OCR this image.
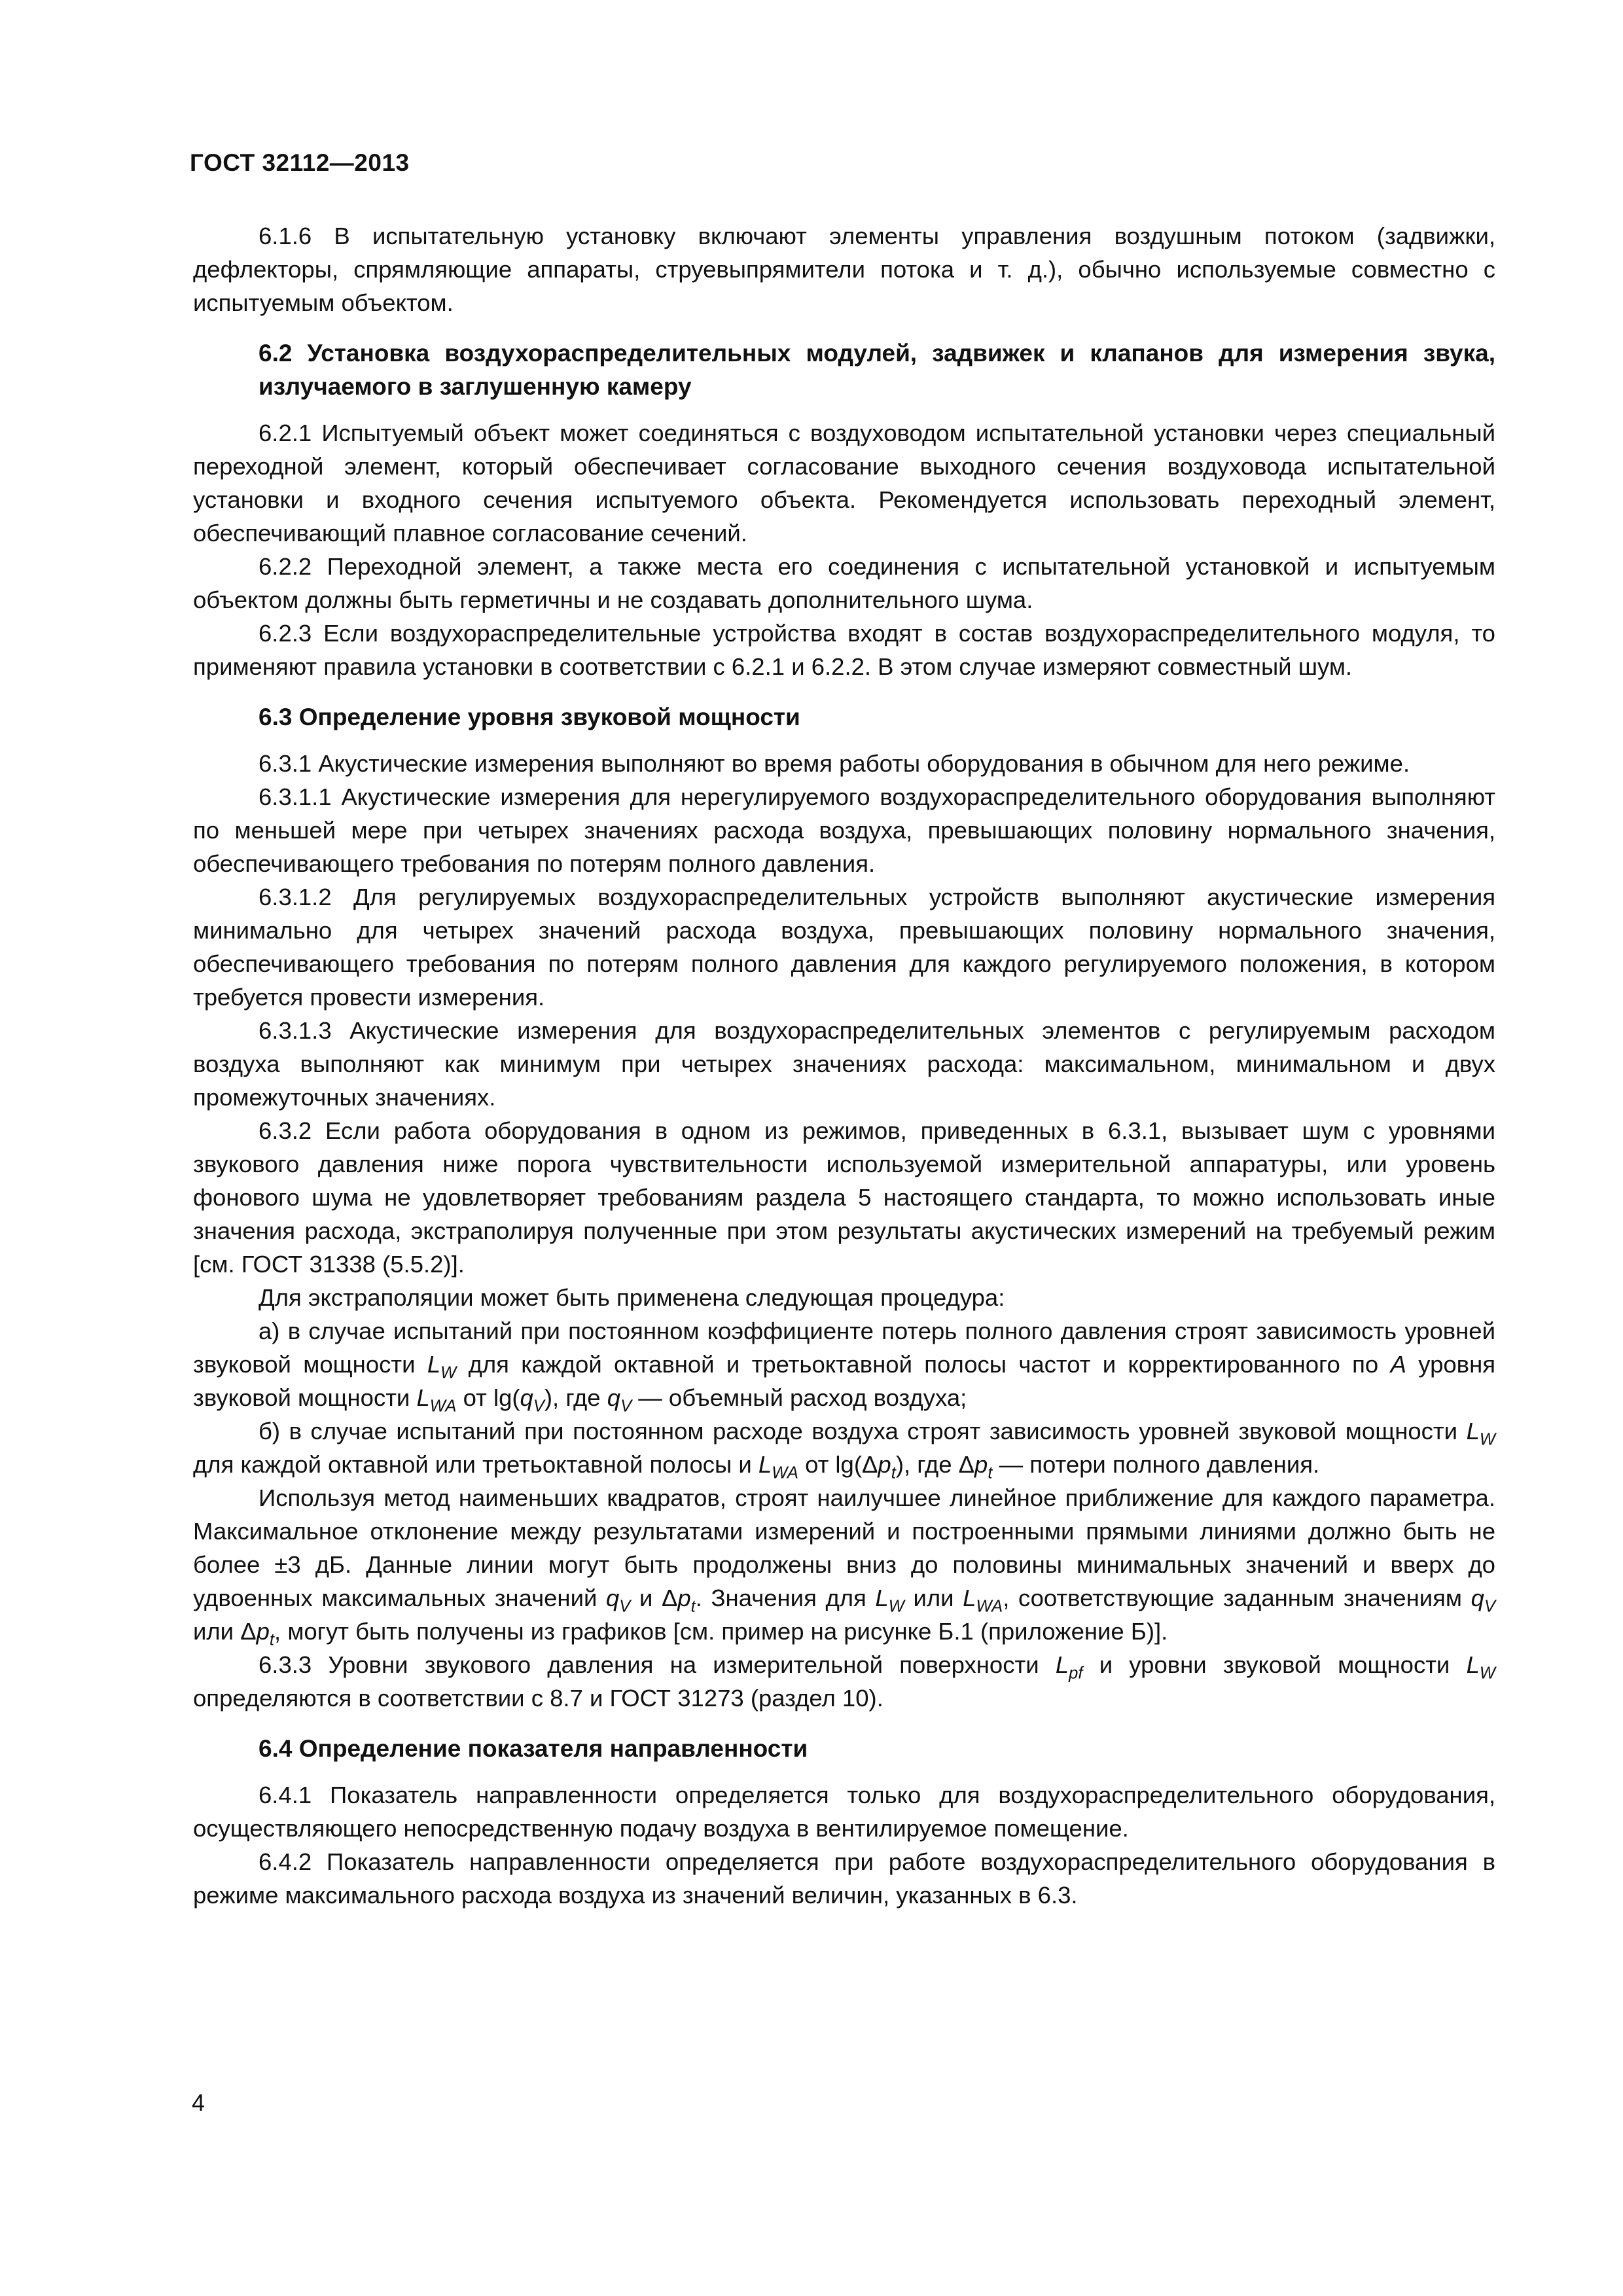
ГОСТ 32112—2013

6.1.6 В испытательную установку включают элементы управления воздушным потоком (задвижки, дефлекторы, спрямляющие аппараты, струевыпрямители потока и т. д.), обычно используемые совместно с испытуемым объектом.

6.2 Установка воздухораспределительных модулей, задвижек и клапанов для измерения звука, излучаемого в заглушенную камеру

6.2.1 Испытуемый объект может соединяться с воздуховодом испытательной установки через специальный переходной элемент, который обеспечивает согласование выходного сечения воздуховода испытательной установки и входного сечения испытуемого объекта. Рекомендуется использовать переходный элемент, обеспечивающий плавное согласование сечений.

6.2.2 Переходной элемент, а также места его соединения с испытательной установкой и испытуемым объектом должны быть герметичны и не создавать дополнительного шума.

6.2.3 Если воздухораспределительные устройства входят в состав воздухораспределительного модуля, то применяют правила установки в соответствии с 6.2.1 и 6.2.2. В этом случае измеряют совместный шум.

6.3 Определение уровня звуковой мощности

6.3.1 Акустические измерения выполняют во время работы оборудования в обычном для него режиме.

6.3.1.1 Акустические измерения для нерегулируемого воздухораспределительного оборудования выполняют по меньшей мере при четырех значениях расхода воздуха, превышающих половину нормального значения, обеспечивающего требования по потерям полного давления.

6.3.1.2 Для регулируемых воздухораспределительных устройств выполняют акустические измерения минимально для четырех значений расхода воздуха, превышающих половину нормального значения, обеспечивающего требования по потерям полного давления для каждого регулируемого положения, в котором требуется провести измерения.

6.3.1.3 Акустические измерения для воздухораспределительных элементов с регулируемым расходом воздуха выполняют как минимум при четырех значениях расхода: максимальном, минимальном и двух промежуточных значениях.

6.3.2 Если работа оборудования в одном из режимов, приведенных в 6.3.1, вызывает шум с уровнями звукового давления ниже порога чувствительности используемой измерительной аппаратуры, или уровень фонового шума не удовлетворяет требованиям раздела 5 настоящего стандарта, то можно использовать иные значения расхода, экстраполируя полученные при этом результаты акустических измерений на требуемый режим [см. ГОСТ 31338 (5.5.2)].

Для экстраполяции может быть применена следующая процедура:

а) в случае испытаний при постоянном коэффициенте потерь полного давления строят зависимость уровней звуковой мощности $L_W$ для каждой октавной и третьоктавной полосы частот и корректированного по A уровня звуковой мощности $L_{WA}$ от $\lg(q_V)$, где $q_V$ — объемный расход воздуха;

б) в случае испытаний при постоянном расходе воздуха строят зависимость уровней звуковой мощности $L_W$ для каждой октавной или третьоктавной полосы и $L_{WA}$ от $\lg(\Delta p_t)$, где $\Delta p_t$ — потери полного давления.

Используя метод наименьших квадратов, строят наилучшее линейное приближение для каждого параметра. Максимальное отклонение между результатами измерений и построенными прямыми линиями должно быть не более ±3 дБ. Данные линии могут быть продолжены вниз до половины минимальных значений и вверх до удвоенных максимальных значений $q_V$ и $\Delta p_t$. Значения для $L_W$ или $L_{WA}$, соответствующие заданным значениям $q_V$ или $\Delta p_t$, могут быть получены из графиков [см. пример на рисунке Б.1 (приложение Б)].

6.3.3 Уровни звукового давления на измерительной поверхности $L_{pf}$ и уровни звуковой мощности $L_W$ определяются в соответствии с 8.7 и ГОСТ 31273 (раздел 10).

6.4 Определение показателя направленности

6.4.1 Показатель направленности определяется только для воздухораспределительного оборудования, осуществляющего непосредственную подачу воздуха в вентилируемое помещение.

6.4.2 Показатель направленности определяется при работе воздухораспределительного оборудования в режиме максимального расхода воздуха из значений величин, указанных в 6.3.

4
